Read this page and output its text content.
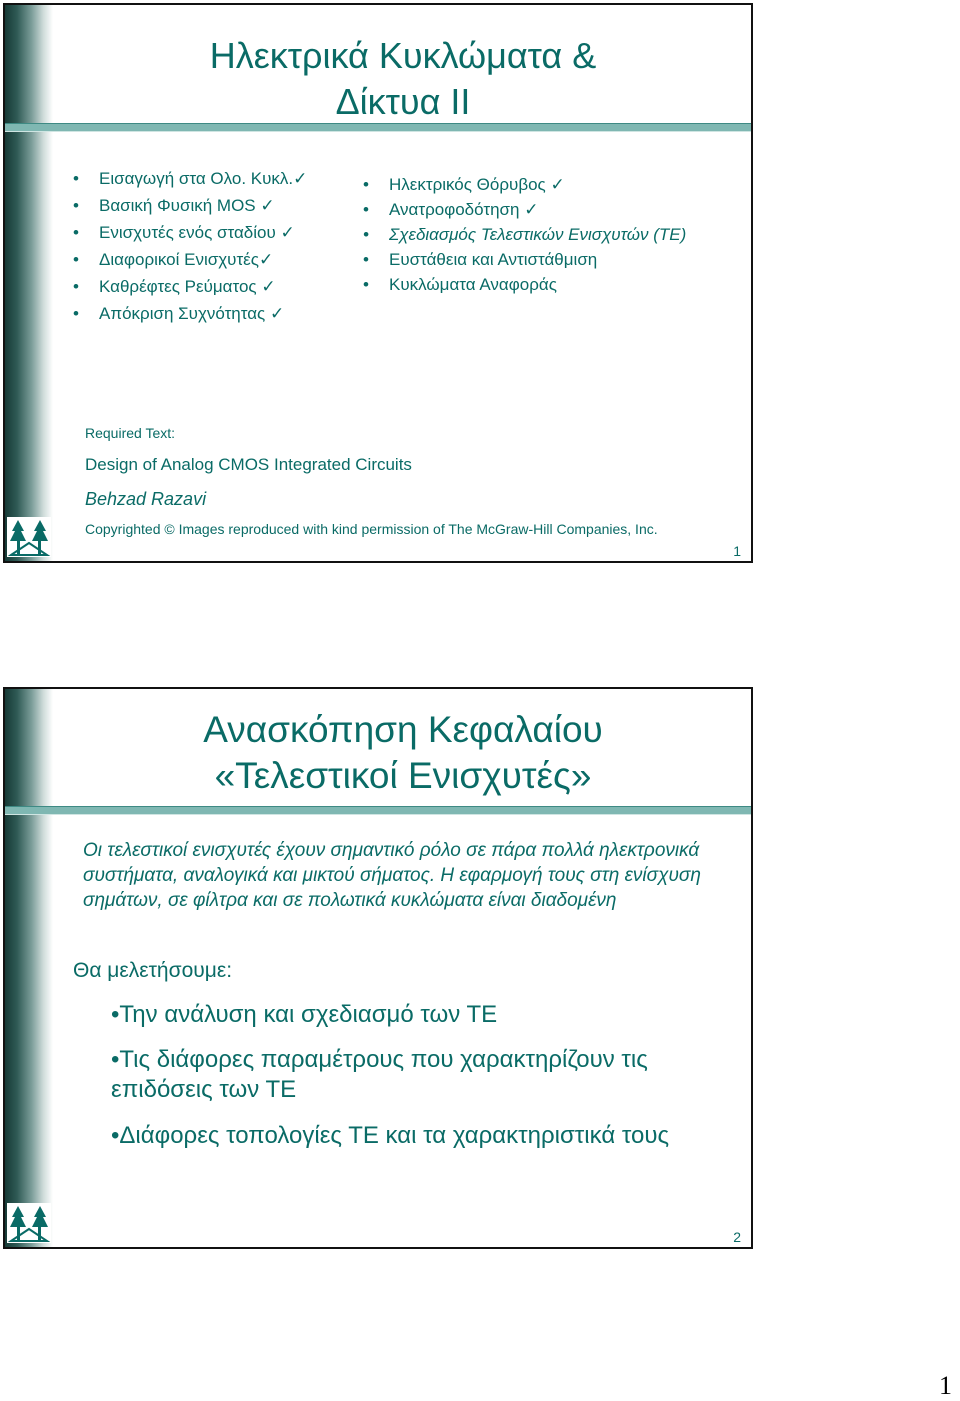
Ηλεκτρικά Κυκλώματα &
Δίκτυα ΙΙ
• Εισαγωγή στα Ολο. Κυκλ.✓
• Βασική Φυσική MOS ✓
• Ενισχυτές ενός σταδίου ✓
• Διαφορικοί Ενισχυτές✓
• Καθρέφτες Ρεύματος ✓
• Απόκριση Συχνότητας ✓
• Ηλεκτρικός Θόρυβος ✓
• Ανατροφοδότηση ✓
• Σχεδιασμός Τελεστικών Ενισχυτών (ΤΕ)
• Ευστάθεια και Αντιστάθμιση
• Κυκλώματα Αναφοράς
Required Text:
Design of Analog CMOS Integrated Circuits
Behzad Razavi
Copyrighted © Images reproduced with kind permission of The McGraw-Hill Companies, Inc.
1
Ανασκόπηση Κεφαλαίου
«Τελεστικοί Ενισχυτές»
Οι τελεστικοί ενισχυτές έχουν σημαντικό ρόλο σε πάρα πολλά ηλεκτρονικά συστήματα, αναλογικά και μικτού σήματος. Η εφαρμογή τους στη ενίσχυση σημάτων, σε φίλτρα και σε πολωτικά κυκλώματα είναι διαδομένη
Θα μελετήσουμε:
•Την ανάλυση και σχεδιασμό των ΤΕ
•Τις διάφορες παραμέτρους που χαρακτηρίζουν τις επιδόσεις των ΤΕ
•Διάφορες τοπολογίες ΤΕ και τα χαρακτηριστικά τους
2
1
